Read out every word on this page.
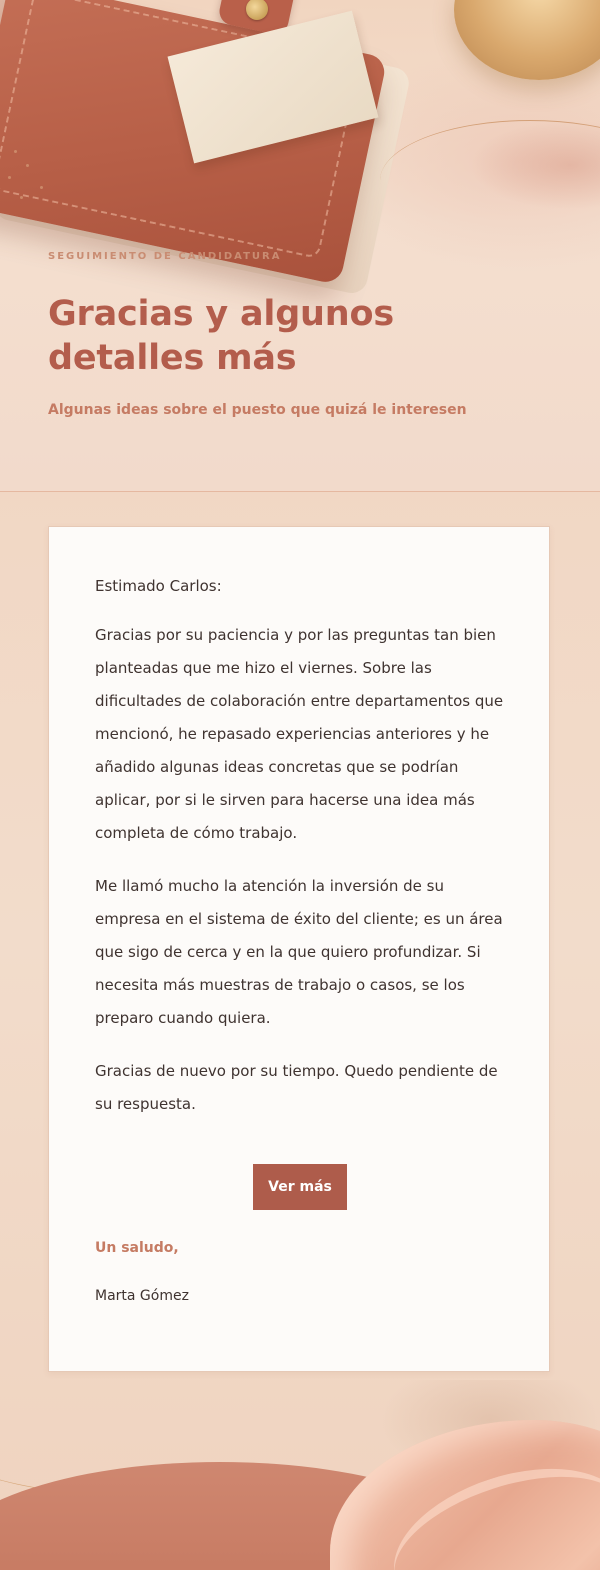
SEGUIMIENTO DE CANDIDATURA

Gracias y algunos detalles más

Algunas ideas sobre el puesto que quizá le interesen

Estimado Carlos:

Gracias por su paciencia y por las preguntas tan bien planteadas que me hizo el viernes. Sobre las dificultades de colaboración entre departamentos que mencionó, he repasado experiencias anteriores y he añadido algunas ideas concretas que se podrían aplicar, por si le sirven para hacerse una idea más completa de cómo trabajo.

Me llamó mucho la atención la inversión de su empresa en el sistema de éxito del cliente; es un área que sigo de cerca y en la que quiero profundizar. Si necesita más muestras de trabajo o casos, se los preparo cuando quiera.

Gracias de nuevo por su tiempo. Quedo pendiente de su respuesta.

Ver más

Un saludo,

Marta Gómez
